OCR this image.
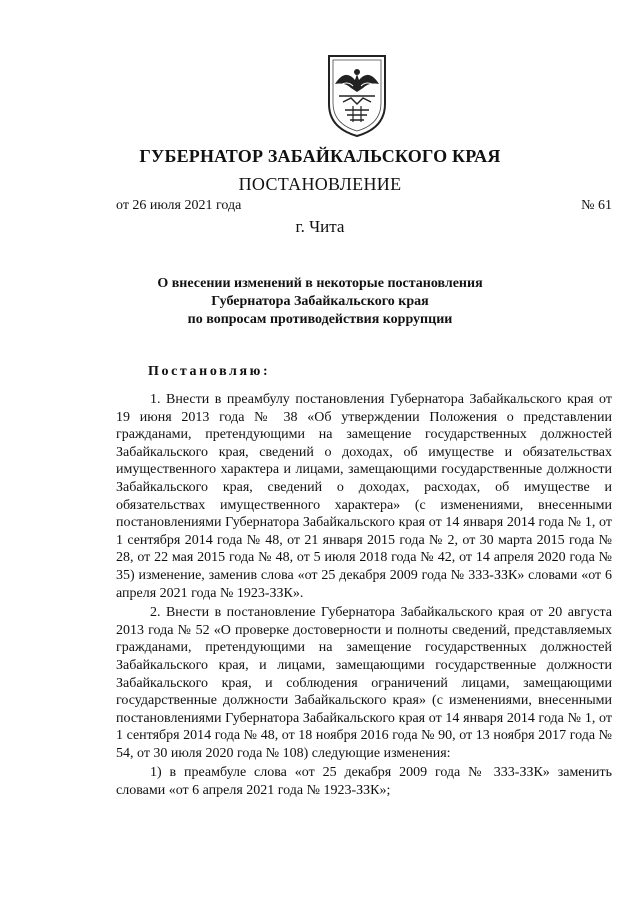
ГУБЕРНАТОР ЗАБАЙКАЛЬСКОГО КРАЯ
ПОСТАНОВЛЕНИЕ
от 26 июля 2021 года	№ 61
г. Чита
О внесении изменений в некоторые постановления
Губернатора Забайкальского края
по вопросам противодействия коррупции
Постановляю:

1. Внести в преамбулу постановления Губернатора Забайкальского края от 19 июня 2013 года № 38 «Об утверждении Положения о представлении гражданами, претендующими на замещение государственных должностей Забайкальского края, сведений о доходах, об имуществе и обязательствах имущественного характера и лицами, замещающими государственные должности Забайкальского края, сведений о доходах, расходах, об имуществе и обязательствах имущественного характера» (с изменениями, внесенными постановлениями Губернатора Забайкальского края от 14 января 2014 года № 1, от 1 сентября 2014 года № 48, от 21 января 2015 года № 2, от 30 марта 2015 года № 28, от 22 мая 2015 года № 48, от 5 июля 2018 года № 42, от 14 апреля 2020 года № 35) изменение, заменив слова «от 25 декабря 2009 года № 333-ЗЗК» словами «от 6 апреля 2021 года № 1923-ЗЗК».

2. Внести в постановление Губернатора Забайкальского края от 20 августа 2013 года № 52 «О проверке достоверности и полноты сведений, представляемых гражданами, претендующими на замещение государственных должностей Забайкальского края, и лицами, замещающими государственные должности Забайкальского края, и соблюдения ограничений лицами, замещающими государственные должности Забайкальского края» (с изменениями, внесенными постановлениями Губернатора Забайкальского края от 14 января 2014 года № 1, от 1 сентября 2014 года № 48, от 18 ноября 2016 года № 90, от 13 ноября 2017 года № 54, от 30 июля 2020 года № 108) следующие изменения:

1) в преамбуле слова «от 25 декабря 2009 года № 333-ЗЗК» заменить словами «от 6 апреля 2021 года № 1923-ЗЗК»;
